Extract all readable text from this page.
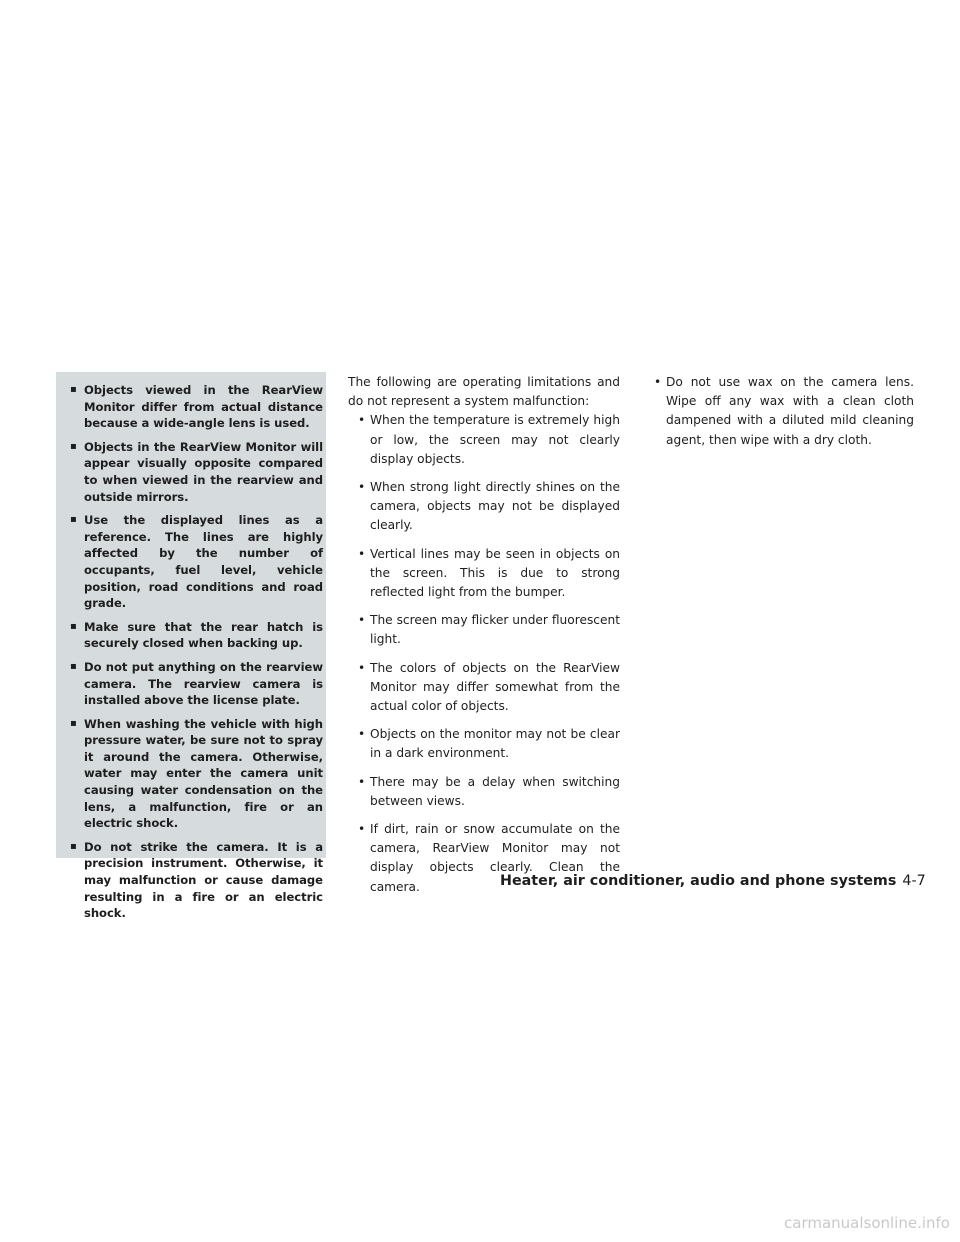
▪ Objects viewed in the RearView Monitor differ from actual distance because a wide-angle lens is used.
▪ Objects in the RearView Monitor will appear visually opposite compared to when viewed in the rearview and outside mirrors.
▪ Use the displayed lines as a reference. The lines are highly affected by the number of occupants, fuel level, vehicle position, road conditions and road grade.
▪ Make sure that the rear hatch is securely closed when backing up.
▪ Do not put anything on the rearview camera. The rearview camera is installed above the license plate.
▪ When washing the vehicle with high pressure water, be sure not to spray it around the camera. Otherwise, water may enter the camera unit causing water condensation on the lens, a malfunction, fire or an electric shock.
▪ Do not strike the camera. It is a precision instrument. Otherwise, it may malfunction or cause damage resulting in a fire or an electric shock.

The following are operating limitations and do not represent a system malfunction:

• When the temperature is extremely high or low, the screen may not clearly display objects.
• When strong light directly shines on the camera, objects may not be displayed clearly.
• Vertical lines may be seen in objects on the screen. This is due to strong reflected light from the bumper.
• The screen may flicker under fluorescent light.
• The colors of objects on the RearView Monitor may differ somewhat from the actual color of objects.
• Objects on the monitor may not be clear in a dark environment.
• There may be a delay when switching between views.
• If dirt, rain or snow accumulate on the camera, RearView Monitor may not display objects clearly. Clean the camera.
• Do not use wax on the camera lens. Wipe off any wax with a clean cloth dampened with a diluted mild cleaning agent, then wipe with a dry cloth.
Heater, air conditioner, audio and phone systems 4-7
carmanualsonline.info
